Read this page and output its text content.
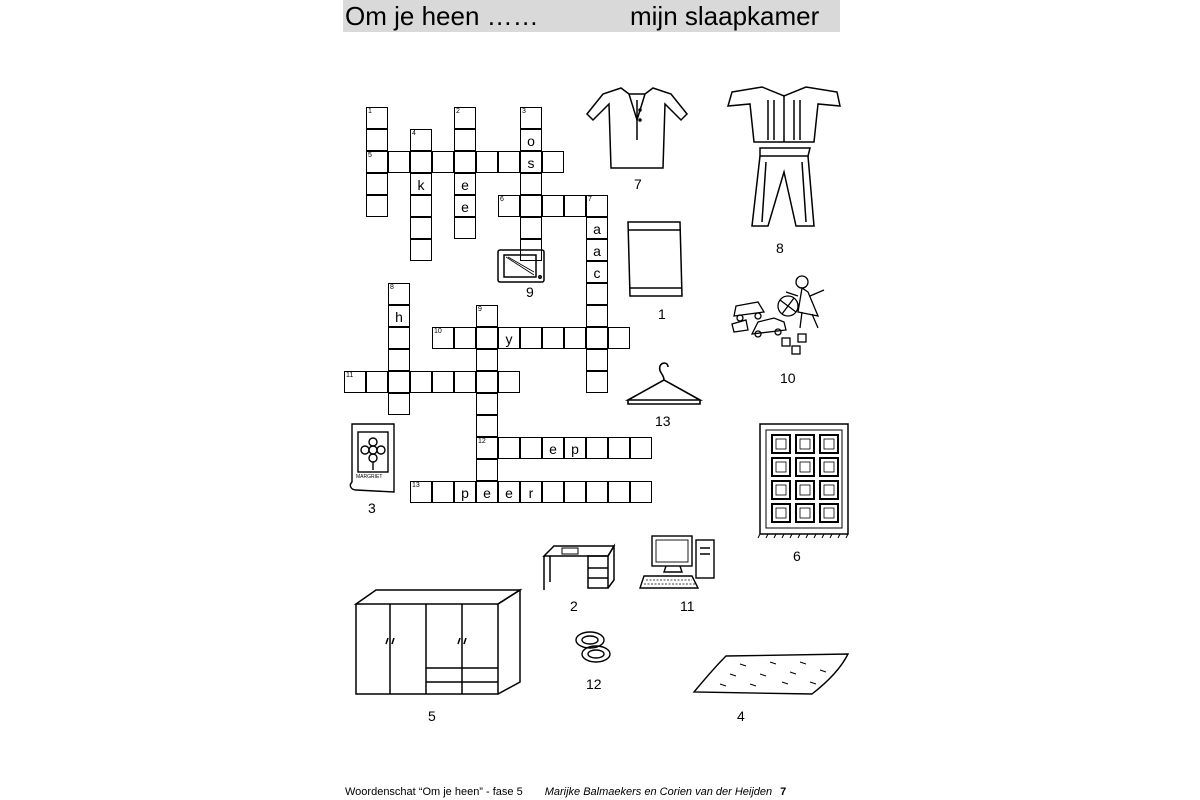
Om je heen ……	mijn slaapkamer
1
5
4
k
2
e
e
3
o
s
6	7
a
a
c
8
h
10	y
11
9
12
e
e	p
13	p	e	r
7
8
1
9
10
13
MARGRIET
3
6
2	11
5
12
4
Woordenschat “Om je heen” - fase 5 Marijke Balmaekers en Corien van der Heijden 7
